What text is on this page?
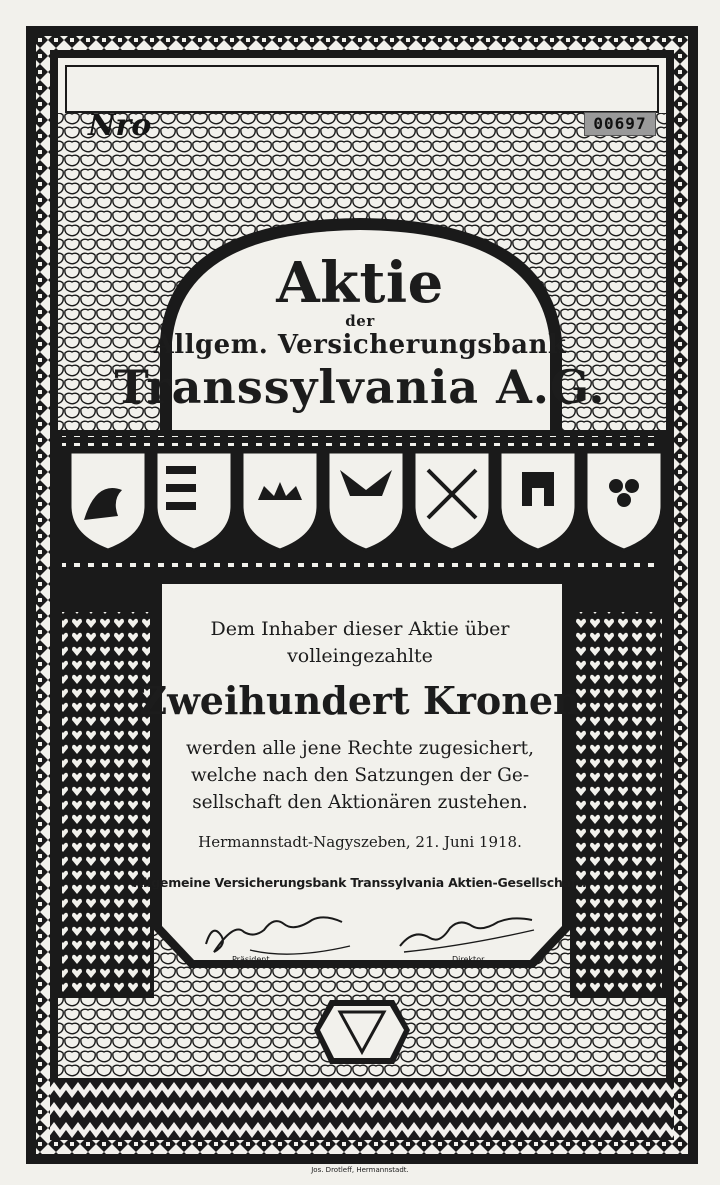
Nro	00697
Aktie
der
Allgem. Versicherungsbank
Transsylvania A.G.
Dem Inhaber dieser Aktie über
volleingezahlte
Zweihundert Kronen
werden alle jene Rechte zugesichert,
welche nach den Satzungen der Ge-
sellschaft den Aktionären zustehen.
Hermannstadt-Nagyszeben, 21. Juni 1918.
Allgemeine Versicherungsbank Transsylvania Aktien-Gesellschaft.
Präsident	Direktor
Jos. Drotleff, Hermannstadt.
